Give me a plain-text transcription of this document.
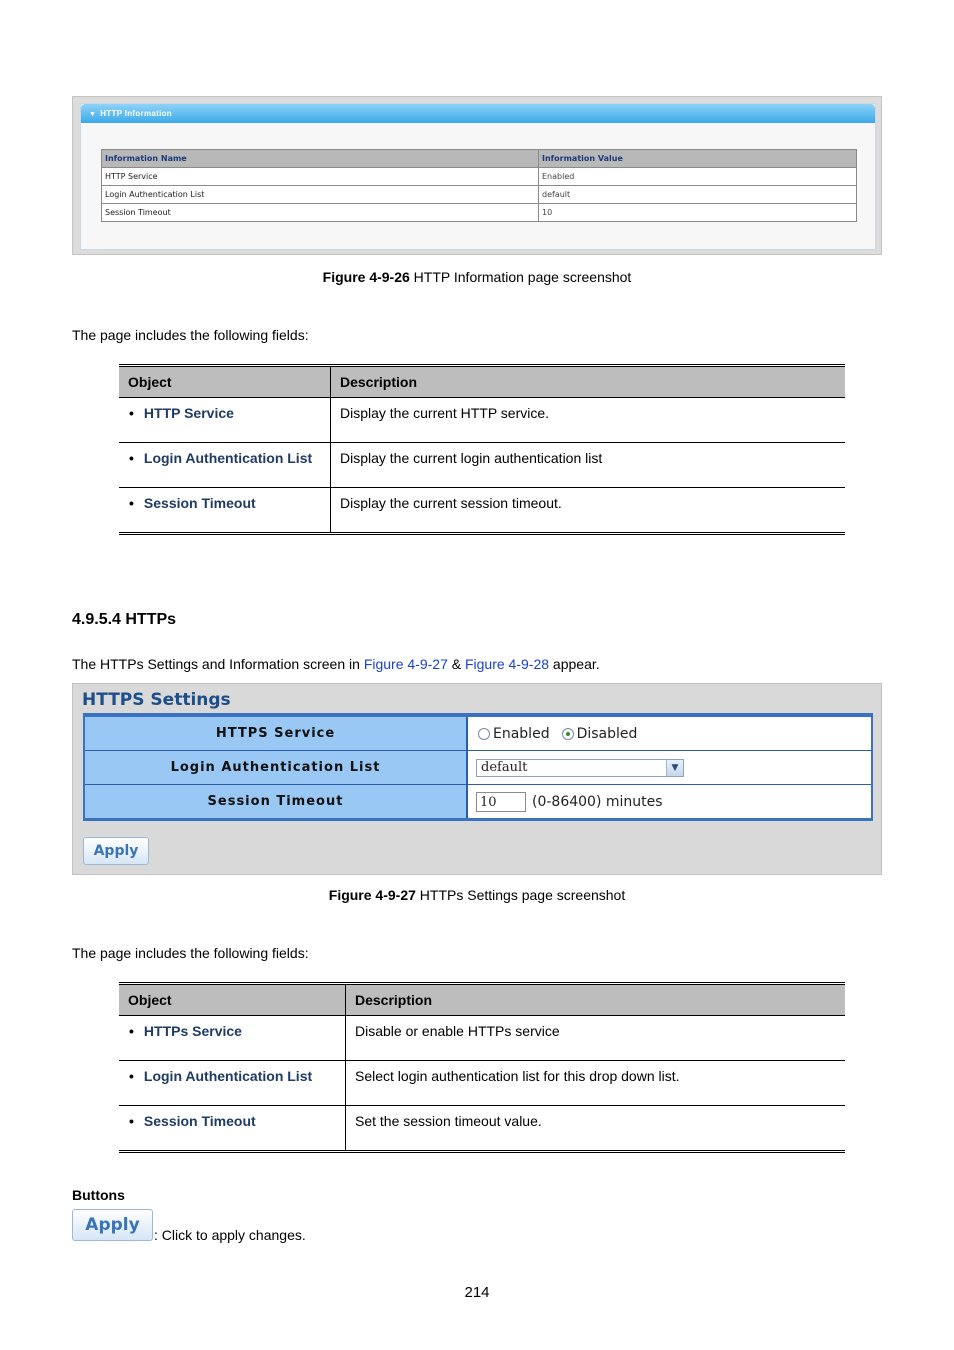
▼ HTTP Information
Information Name	Information Value
HTTP Service	Enabled
Login Authentication List	default
Session Timeout	10
Figure 4-9-26 HTTP Information page screenshot
The page includes the following fields:
Object	Description
• HTTP Service	Display the current HTTP service.
• Login Authentication List	Display the current login authentication list
• Session Timeout	Display the current session timeout.
4.9.5.4 HTTPs
The HTTPs Settings and Information screen in Figure 4-9-27 & Figure 4-9-28 appear.
HTTPS Settings
HTTPS Service	Enabled Disabled
Login Authentication List	default	▼
Session Timeout	10	(0-86400) minutes
Apply
Figure 4-9-27 HTTPs Settings page screenshot
The page includes the following fields:
Object	Description
• HTTPs Service	Disable or enable HTTPs service
• Login Authentication List	Select login authentication list for this drop down list.
• Session Timeout	Set the session timeout value.
Buttons
Apply	: Click to apply changes.
214
